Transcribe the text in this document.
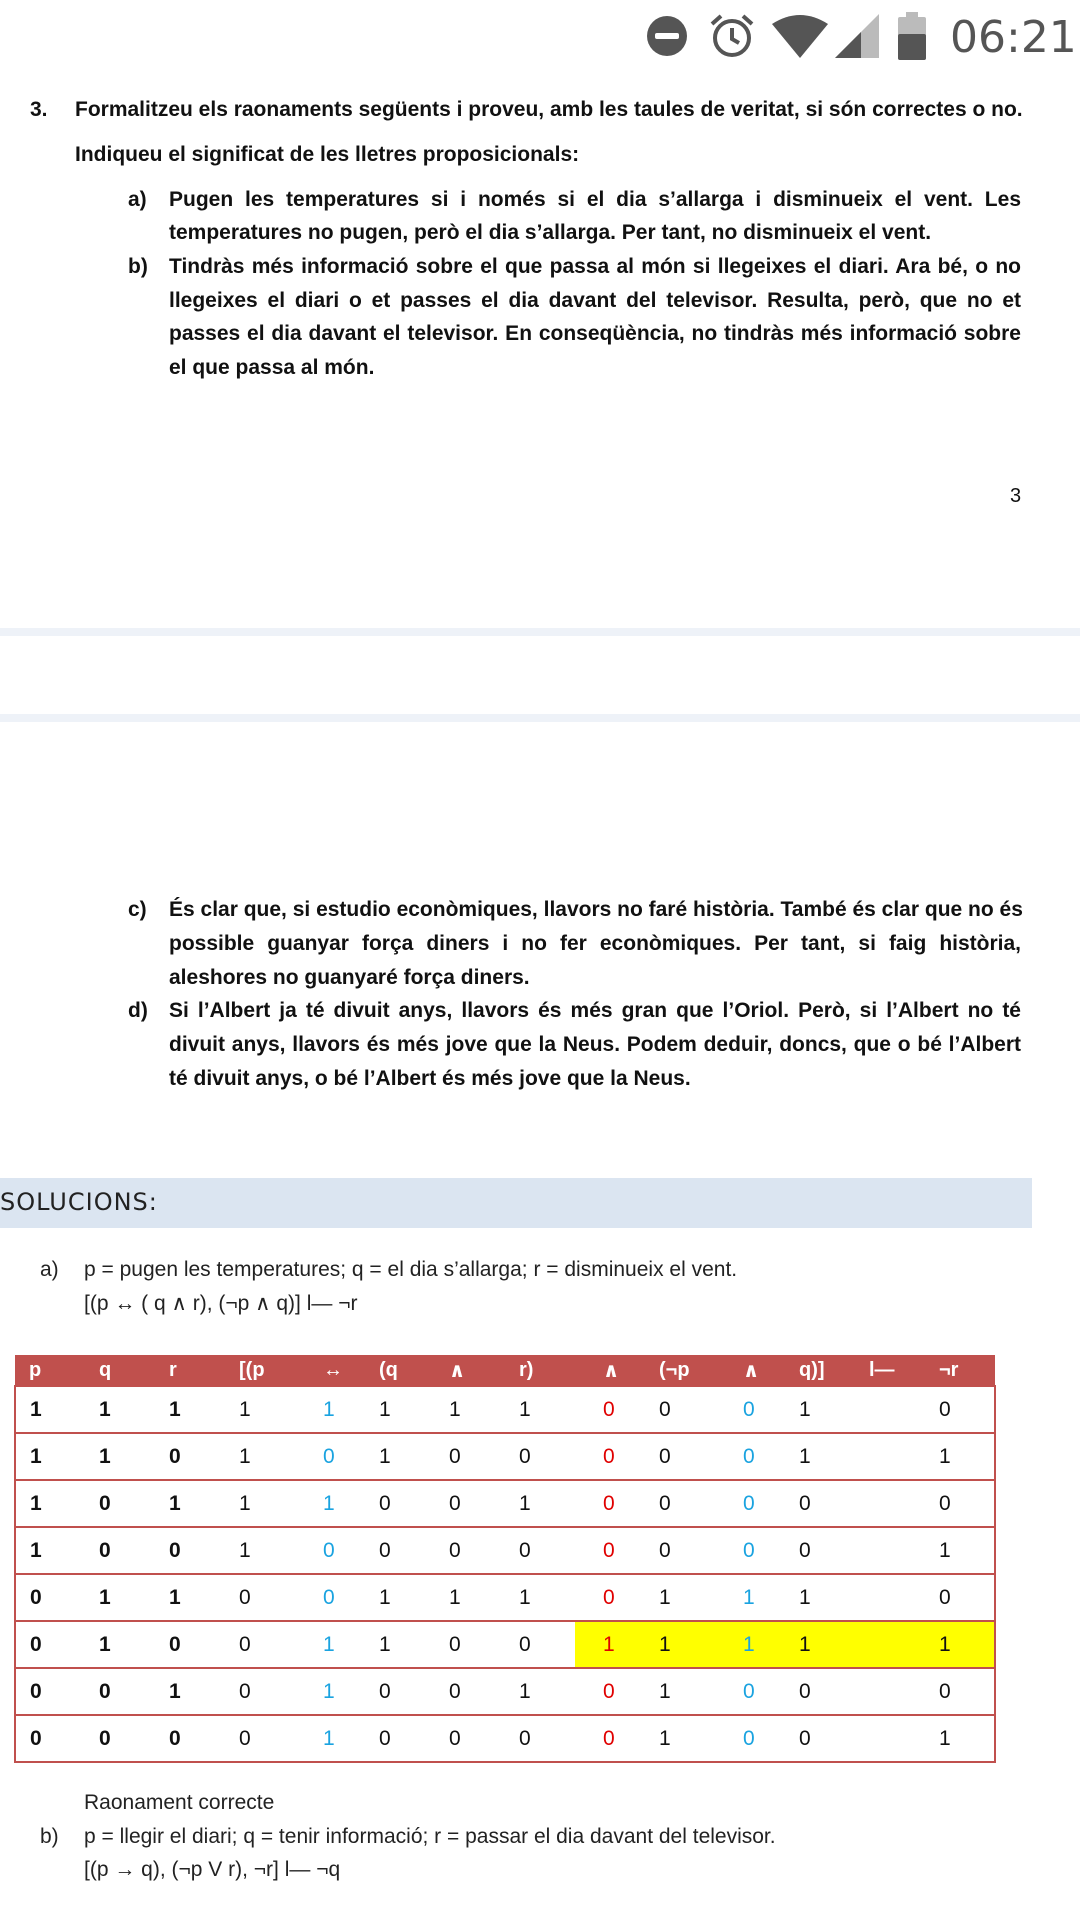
06:21
3. Formalitzeu els raonaments següents i proveu, amb les taules de veritat, si són correctes o no.
Indiqueu el significat de les lletres proposicionals:
a) Pugen les temperatures si i només si el dia s’allarga i disminueix el vent. Les
temperatures no pugen, però el dia s’allarga. Per tant, no disminueix el vent.
b) Tindràs més informació sobre el que passa al món si llegeixes el diari. Ara bé, o no
llegeixes el diari o et passes el dia davant del televisor. Resulta, però, que no et
passes el dia davant el televisor. En conseqüència, no tindràs més informació sobre
el que passa al món.
3
c) És clar que, si estudio econòmiques, llavors no faré història. També és clar que no és
possible guanyar força diners i no fer econòmiques. Per tant, si faig història,
aleshores no guanyaré força diners.
d) Si l’Albert ja té divuit anys, llavors és més gran que l’Oriol. Però, si l’Albert no té
divuit anys, llavors és més jove que la Neus. Podem deduir, doncs, que o bé l’Albert
té divuit anys, o bé l’Albert és més jove que la Neus.
SOLUCIONS:
a) p = pugen les temperatures; q = el dia s’allarga; r = disminueix el vent.
[(p ↔ ( q ∧ r), (¬p ∧ q)] l— ¬r
p	q	r	[(p	↔	(q	∧	r)	∧	(¬p	∧	q)]	l—	¬r
1	1	1	1	1	1	1	1	0	0	0	1		0
1	1	0	1	0	1	0	0	0	0	0	1		1
1	0	1	1	1	0	0	1	0	0	0	0		0
1	0	0	1	0	0	0	0	0	0	0	0		1
0	1	1	0	0	1	1	1	0	1	1	1		0
0	1	0	0	1	1	0	0	1	1	1	1		1
0	0	1	0	1	0	0	1	0	1	0	0		0
0	0	0	0	1	0	0	0	0	1	0	0		1
Raonament correcte
b) p = llegir el diari; q = tenir informació; r = passar el dia davant del televisor.
[(p → q), (¬p V r), ¬r] l— ¬q
